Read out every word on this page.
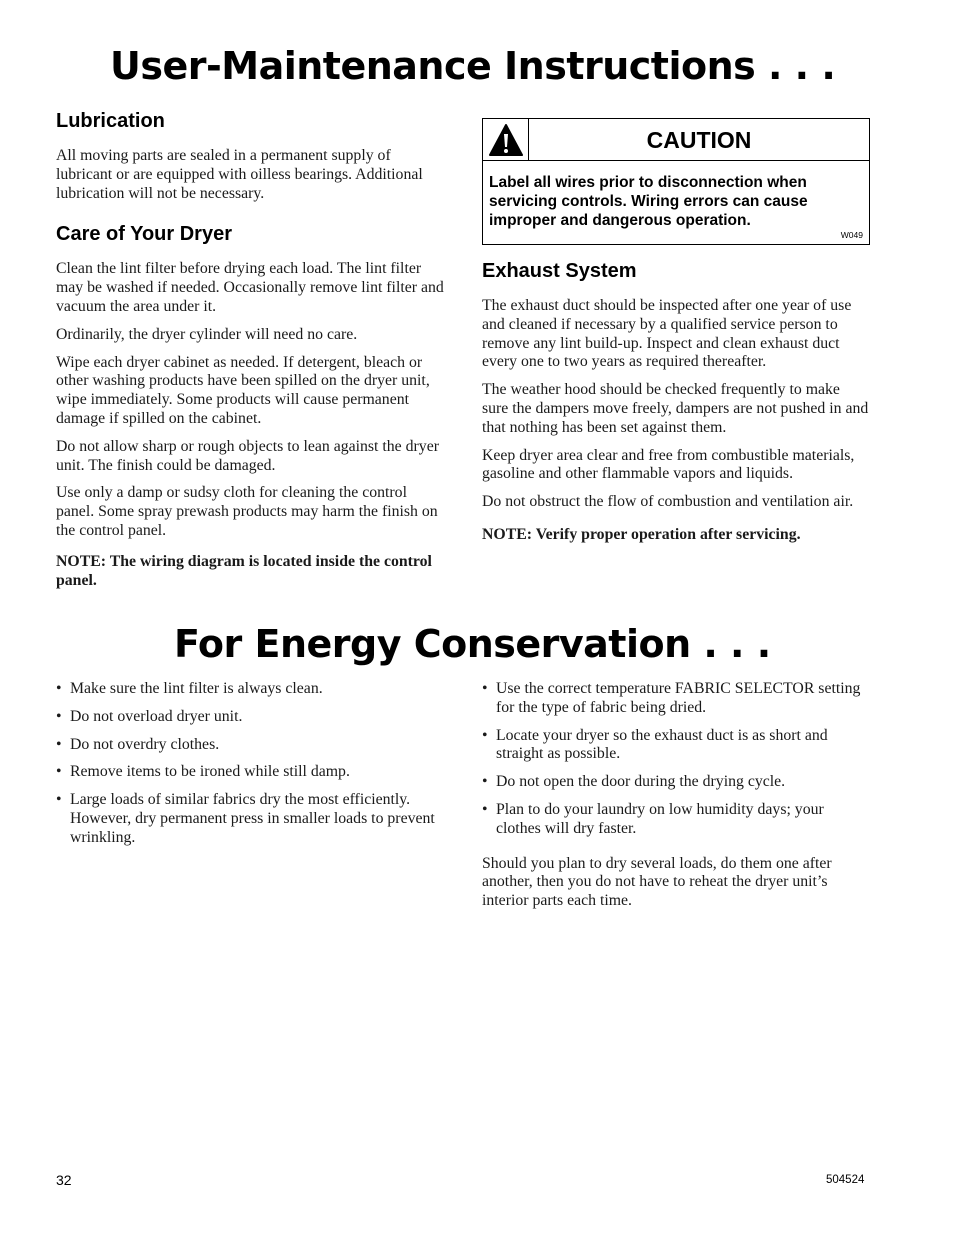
User-Maintenance Instructions . . .
Lubrication

All moving parts are sealed in a permanent supply of lubricant or are equipped with oilless bearings. Additional lubrication will not be necessary.

Care of Your Dryer

Clean the lint filter before drying each load. The lint filter may be washed if needed. Occasionally remove lint filter and vacuum the area under it.

Ordinarily, the dryer cylinder will need no care.

Wipe each dryer cabinet as needed. If detergent, bleach or other washing products have been spilled on the dryer unit, wipe immediately. Some products will cause permanent damage if spilled on the cabinet.

Do not allow sharp or rough objects to lean against the dryer unit. The finish could be damaged.

Use only a damp or sudsy cloth for cleaning the control panel. Some spray prewash products may harm the finish on the control panel.

NOTE: The wiring diagram is located inside the control panel.

CAUTION
Label all wires prior to disconnection when servicing controls. Wiring errors can cause improper and dangerous operation.
W049
Exhaust System

The exhaust duct should be inspected after one year of use and cleaned if necessary by a qualified service person to remove any lint build-up. Inspect and clean exhaust duct every one to two years as required thereafter.

The weather hood should be checked frequently to make sure the dampers move freely, dampers are not pushed in and that nothing has been set against them.

Keep dryer area clear and free from combustible materials, gasoline and other flammable vapors and liquids.

Do not obstruct the flow of combustion and ventilation air.

NOTE: Verify proper operation after servicing.

For Energy Conservation . . .
• Make sure the lint filter is always clean.
• Do not overload dryer unit.
• Do not overdry clothes.
• Remove items to be ironed while still damp.
• Large loads of similar fabrics dry the most efficiently. However, dry permanent press in smaller loads to prevent wrinkling.
• Use the correct temperature FABRIC SELECTOR setting for the type of fabric being dried.
• Locate your dryer so the exhaust duct is as short and straight as possible.
• Do not open the door during the drying cycle.
• Plan to do your laundry on low humidity days; your clothes will dry faster.

Should you plan to dry several loads, do them one after another, then you do not have to reheat the dryer unit’s interior parts each time.

32	504524
